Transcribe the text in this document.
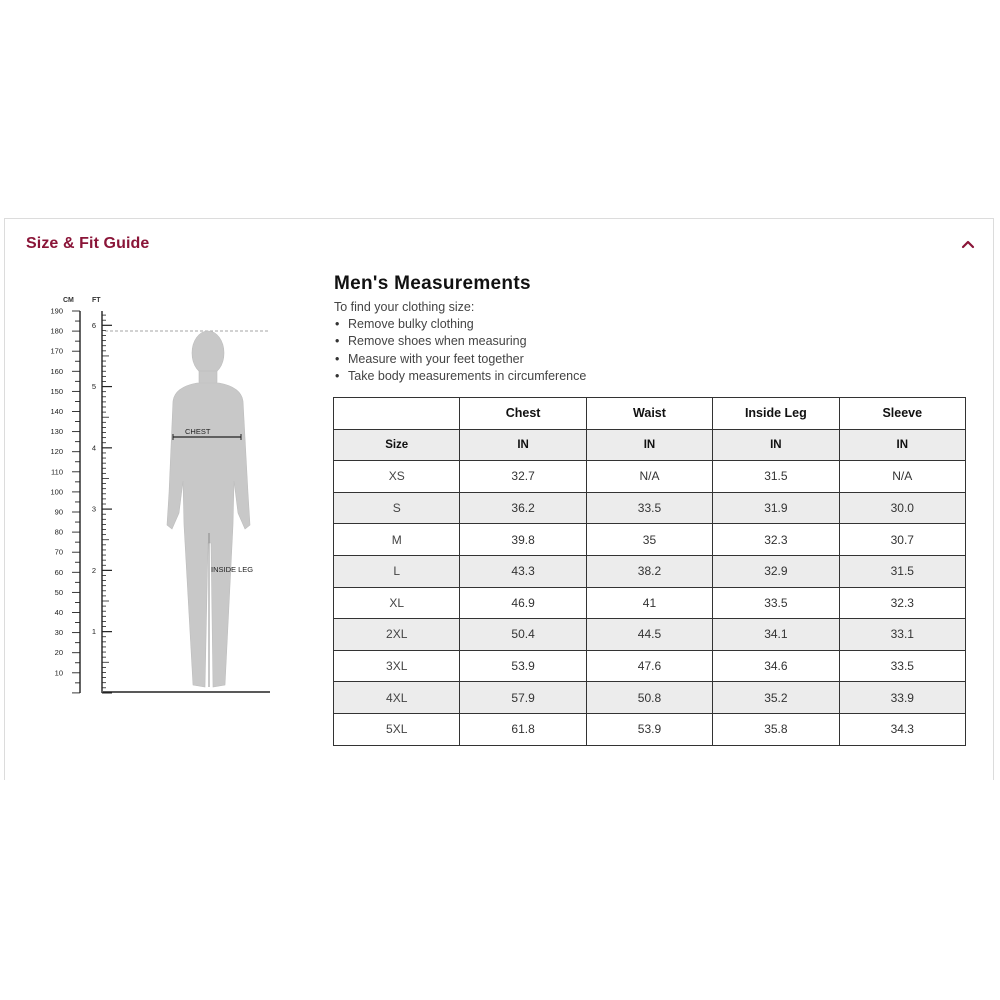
Size & Fit Guide
190
180
170
160
150
140
130
120
110
100
90
80
70
60
50
40
30
20
10
6
5
4
3
2
1
CM	FT
CHEST
INSIDE LEG
Men's Measurements
To find your clothing size:
• Remove bulky clothing
• Remove shoes when measuring
• Measure with your feet together
• Take body measurements in circumference
	Chest	Waist	Inside Leg	Sleeve
Size	IN	IN	IN	IN
XS	32.7	N/A	31.5	N/A
S	36.2	33.5	31.9	30.0
M	39.8	35	32.3	30.7
L	43.3	38.2	32.9	31.5
XL	46.9	41	33.5	32.3
2XL	50.4	44.5	34.1	33.1
3XL	53.9	47.6	34.6	33.5
4XL	57.9	50.8	35.2	33.9
5XL	61.8	53.9	35.8	34.3
